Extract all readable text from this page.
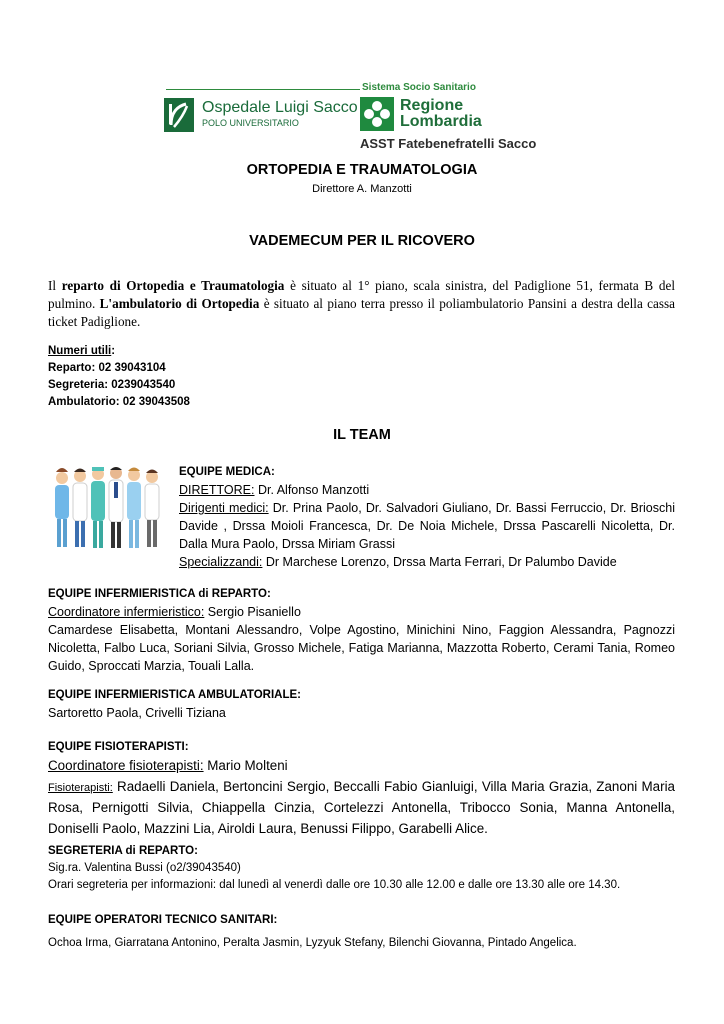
Ospedale Luigi Sacco
POLO UNIVERSITARIO
Sistema Socio Sanitario
Regione
Lombardia
ASST Fatebenefratelli Sacco
ORTOPEDIA E TRAUMATOLOGIA
Direttore A. Manzotti
VADEMECUM PER IL RICOVERO
Il reparto di Ortopedia e Traumatologia è situato al 1° piano, scala sinistra, del Padiglione 51, fermata B del pulmino. L'ambulatorio di Ortopedia è situato al piano terra presso il poliambulatorio Pansini a destra della cassa ticket Padiglione.
Numeri utili:
Reparto: 02 39043104
Segreteria: 0239043540
Ambulatorio: 02 39043508
IL TEAM
EQUIPE MEDICA:
DIRETTORE: Dr. Alfonso Manzotti
Dirigenti medici: Dr. Prina Paolo, Dr. Salvadori Giuliano, Dr. Bassi Ferruccio, Dr. Brioschi Davide , Drssa Moioli Francesca, Dr. De Noia Michele, Drssa Pascarelli Nicoletta, Dr. Dalla Mura Paolo, Drssa Miriam Grassi
Specializzandi: Dr Marchese Lorenzo, Drssa Marta Ferrari, Dr Palumbo Davide
EQUIPE INFERMIERISTICA di REPARTO:
Coordinatore infermieristico: Sergio Pisaniello
Camardese Elisabetta, Montani Alessandro, Volpe Agostino, Minichini Nino, Faggion Alessandra, Pagnozzi Nicoletta, Falbo Luca, Soriani Silvia, Grosso Michele, Fatiga Marianna, Mazzotta Roberto, Cerami Tania, Romeo Guido, Sproccati Marzia, Touali Lalla.
EQUIPE INFERMIERISTICA AMBULATORIALE:
Sartoretto Paola, Crivelli Tiziana
EQUIPE FISIOTERAPISTI:
Coordinatore fisioterapisti: Mario Molteni
Fisioterapisti: Radaelli Daniela, Bertoncini Sergio, Beccalli Fabio Gianluigi, Villa Maria Grazia, Zanoni Maria Rosa, Pernigotti Silvia, Chiappella Cinzia, Cortelezzi Antonella, Tribocco Sonia, Manna Antonella, Doniselli Paolo, Mazzini Lia, Airoldi Laura, Benussi Filippo, Garabelli Alice.
SEGRETERIA di REPARTO:
Sig.ra. Valentina Bussi (o2/39043540)
Orari segreteria per informazioni: dal lunedì al venerdì dalle ore 10.30 alle 12.00 e dalle ore 13.30 alle ore 14.30.
EQUIPE OPERATORI TECNICO SANITARI:
Ochoa Irma, Giarratana Antonino, Peralta Jasmin, Lyzyuk Stefany, Bilenchi Giovanna, Pintado Angelica.
